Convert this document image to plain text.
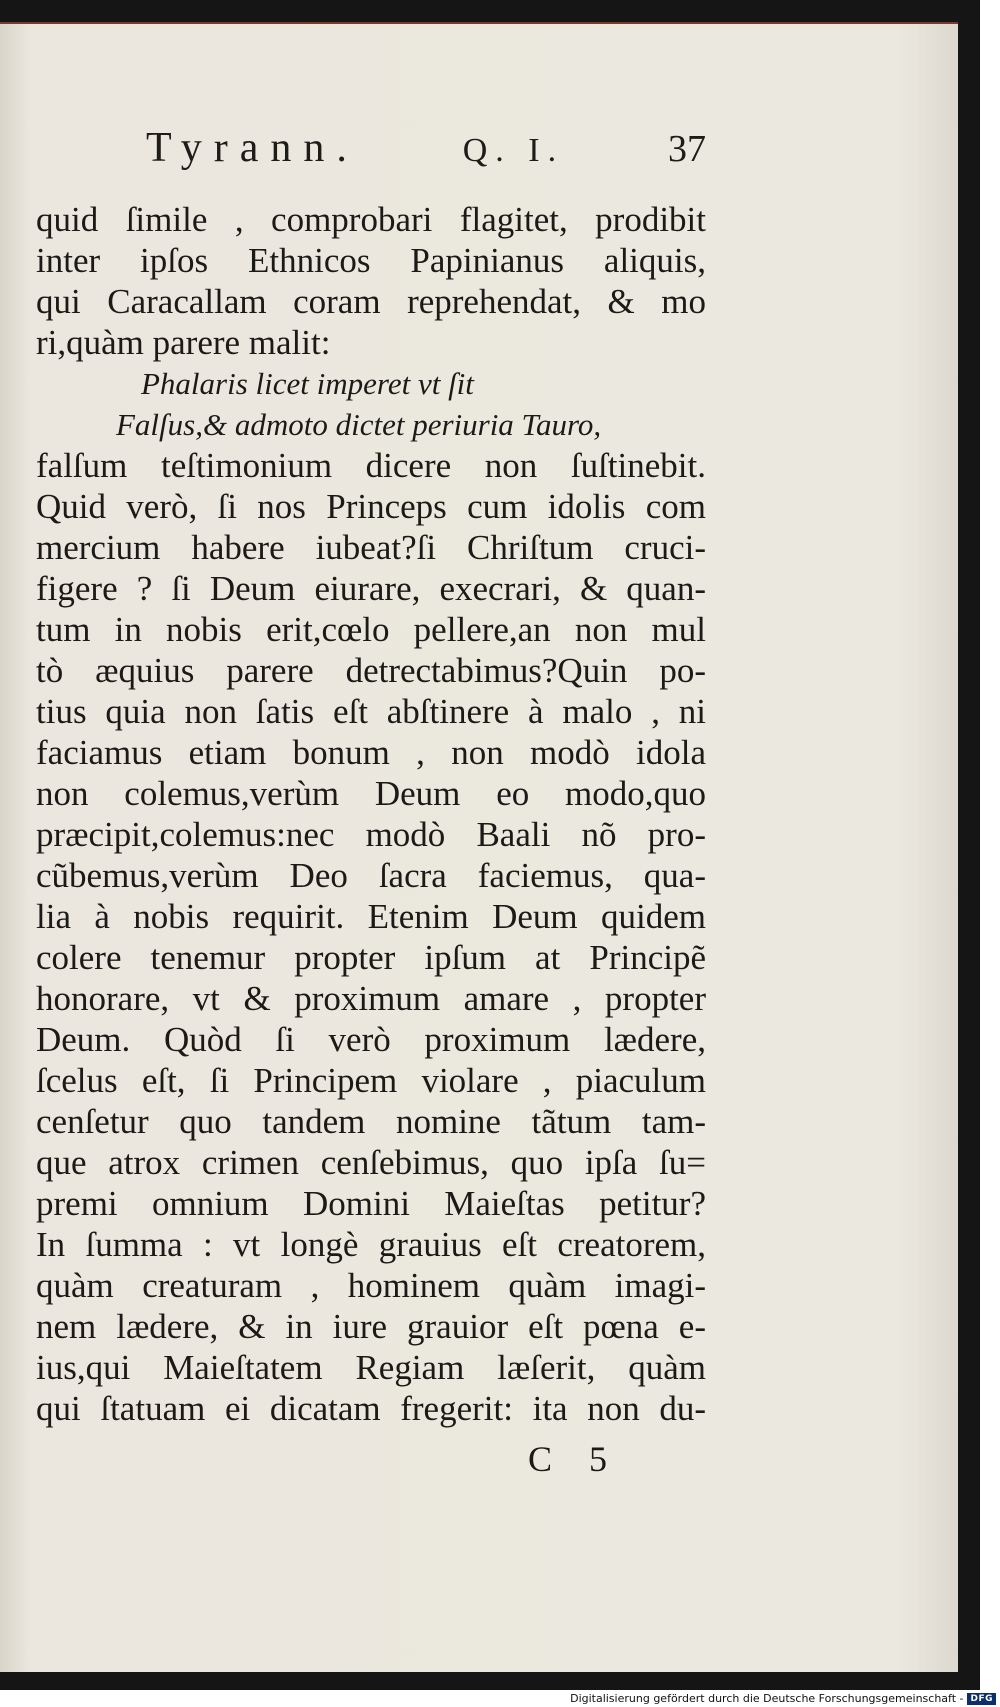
Tyrann.	Q. I.	37
quid ſimile , comprobari flagitet, prodibit
inter ipſos Ethnicos Papinianus aliquis,
qui Caracallam coram reprehendat, & mo
ri,quàm parere malit:
Phalaris licet imperet vt ſit
Falſus,& admoto dictet periuria Tauro,
falſum teſtimonium dicere non ſuſtinebit.
Quid verò, ſi nos Princeps cum idolis com
mercium habere iubeat?ſi Chriſtum cruci-
figere ? ſi Deum eiurare, execrari, & quan-
tum in nobis erit,cœlo pellere,an non mul
tò æquius parere detrectabimus?Quin po-
tius quia non ſatis eſt abſtinere à malo , ni
faciamus etiam bonum , non modò idola
non colemus,verùm Deum eo modo,quo
præcipit,colemus:nec modò Baali nõ pro-
cũbemus,verùm Deo ſacra faciemus, qua-
lia à nobis requirit. Etenim Deum quidem
colere tenemur propter ipſum at Principẽ
honorare, vt & proximum amare , propter
Deum. Quòd ſi verò proximum lædere,
ſcelus eſt, ſi Principem violare , piaculum
cenſetur quo tandem nomine tãtum tam-
que atrox crimen cenſebimus, quo ipſa ſu=
premi omnium Domini Maieſtas petitur?
In ſumma : vt longè grauius eſt creatorem,
quàm creaturam , hominem quàm imagi-
nem lædere, & in iure grauior eſt pœna e-
ius,qui Maieſtatem Regiam læſerit, quàm
qui ſtatuam ei dicatam fregerit: ita non du-
C 5
Digitalisierung gefördert durch die Deutsche Forschungsgemeinschaft - DFG
